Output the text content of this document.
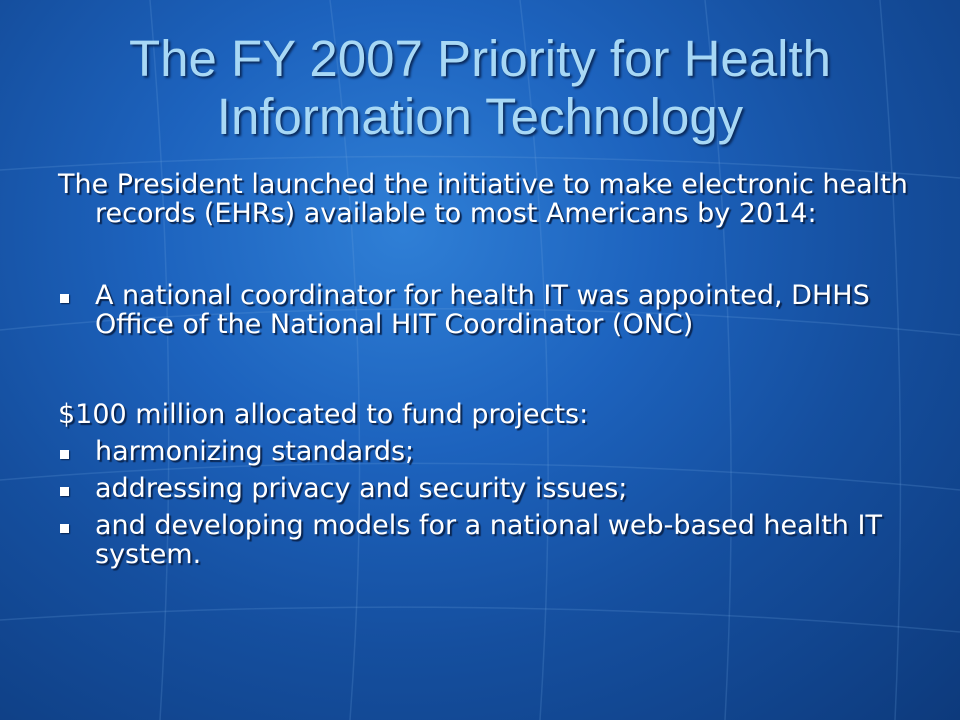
The FY 2007 Priority for Health Information Technology

The President launched the initiative to make electronic health records (EHRs) available to most Americans by 2014:

A national coordinator for health IT was appointed, DHHS Office of the National HIT Coordinator (ONC)

$100 million allocated to fund projects:

harmonizing standards;
addressing privacy and security issues;
and developing models for a national web-based health IT system.
